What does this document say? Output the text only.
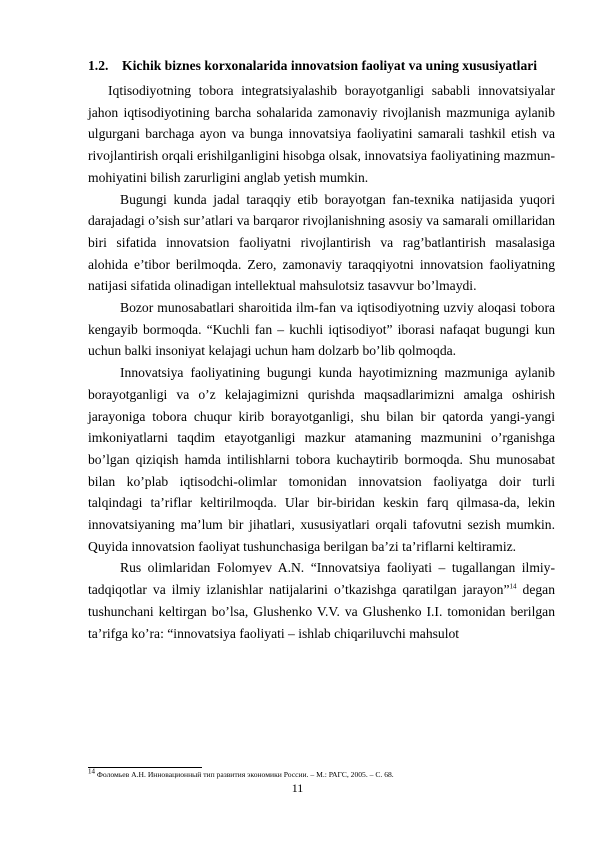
1.2. Kichik biznes korxonalarida innovatsion faoliyat va uning xususiyatlari

Iqtisodiyotning tobora integratsiyalashib borayotganligi sababli innovatsiyalar jahon iqtisodiyotining barcha sohalarida zamonaviy rivojlanish mazmuniga aylanib ulgurgani barchaga ayon va bunga innovatsiya faoliyatini samarali tashkil etish va rivojlantirish orqali erishilganligini hisobga olsak, innovatsiya faoliyatining mazmun-mohiyatini bilish zarurligini anglab yetish mumkin.

Bugungi kunda jadal taraqqiy etib borayotgan fan-texnika natijasida yuqori darajadagi o’sish sur’atlari va barqaror rivojlanishning asosiy va samarali omillaridan biri sifatida innovatsion faoliyatni rivojlantirish va rag’batlantirish masalasiga alohida e’tibor berilmoqda. Zero, zamonaviy taraqqiyotni innovatsion faoliyatning natijasi sifatida olinadigan intellektual mahsulotsiz tasavvur bo’lmaydi.

Bozor munosabatlari sharoitida ilm-fan va iqtisodiyotning uzviy aloqasi tobora kengayib bormoqda. “Kuchli fan – kuchli iqtisodiyot” iborasi nafaqat bugungi kun uchun balki insoniyat kelajagi uchun ham dolzarb bo’lib qolmoqda.

Innovatsiya faoliyatining bugungi kunda hayotimizning mazmuniga aylanib borayotganligi va o’z kelajagimizni qurishda maqsadlarimizni amalga oshirish jarayoniga tobora chuqur kirib borayotganligi, shu bilan bir qatorda yangi-yangi imkoniyatlarni taqdim etayotganligi mazkur atamaning mazmunini o’rganishga bo’lgan qiziqish hamda intilishlarni tobora kuchaytirib bormoqda. Shu munosabat bilan ko’plab iqtisodchi-olimlar tomonidan innovatsion faoliyatga doir turli talqindagi ta’riflar keltirilmoqda. Ular bir-biridan keskin farq qilmasa-da, lekin innovatsiyaning ma’lum bir jihatlari, xususiyatlari orqali tafovutni sezish mumkin. Quyida innovatsion faoliyat tushunchasiga berilgan ba’zi ta’riflarni keltiramiz.

Rus olimlaridan Folomyev A.N. “Innovatsiya faoliyati – tugallangan ilmiy-tadqiqotlar va ilmiy izlanishlar natijalarini o’tkazishga qaratilgan jarayon”$^{14}$ degan tushunchani keltirgan bo’lsa, Glushenko V.V. va Glushenko I.I. tomonidan berilgan ta’rifga ko’ra: “innovatsiya faoliyati – ishlab chiqariluvchi mahsulot

$^{14}$ Фоломьев А.Н. Инновационный тип развития экономики России. – М.: РАГС, 2005. – С. 68.
11
